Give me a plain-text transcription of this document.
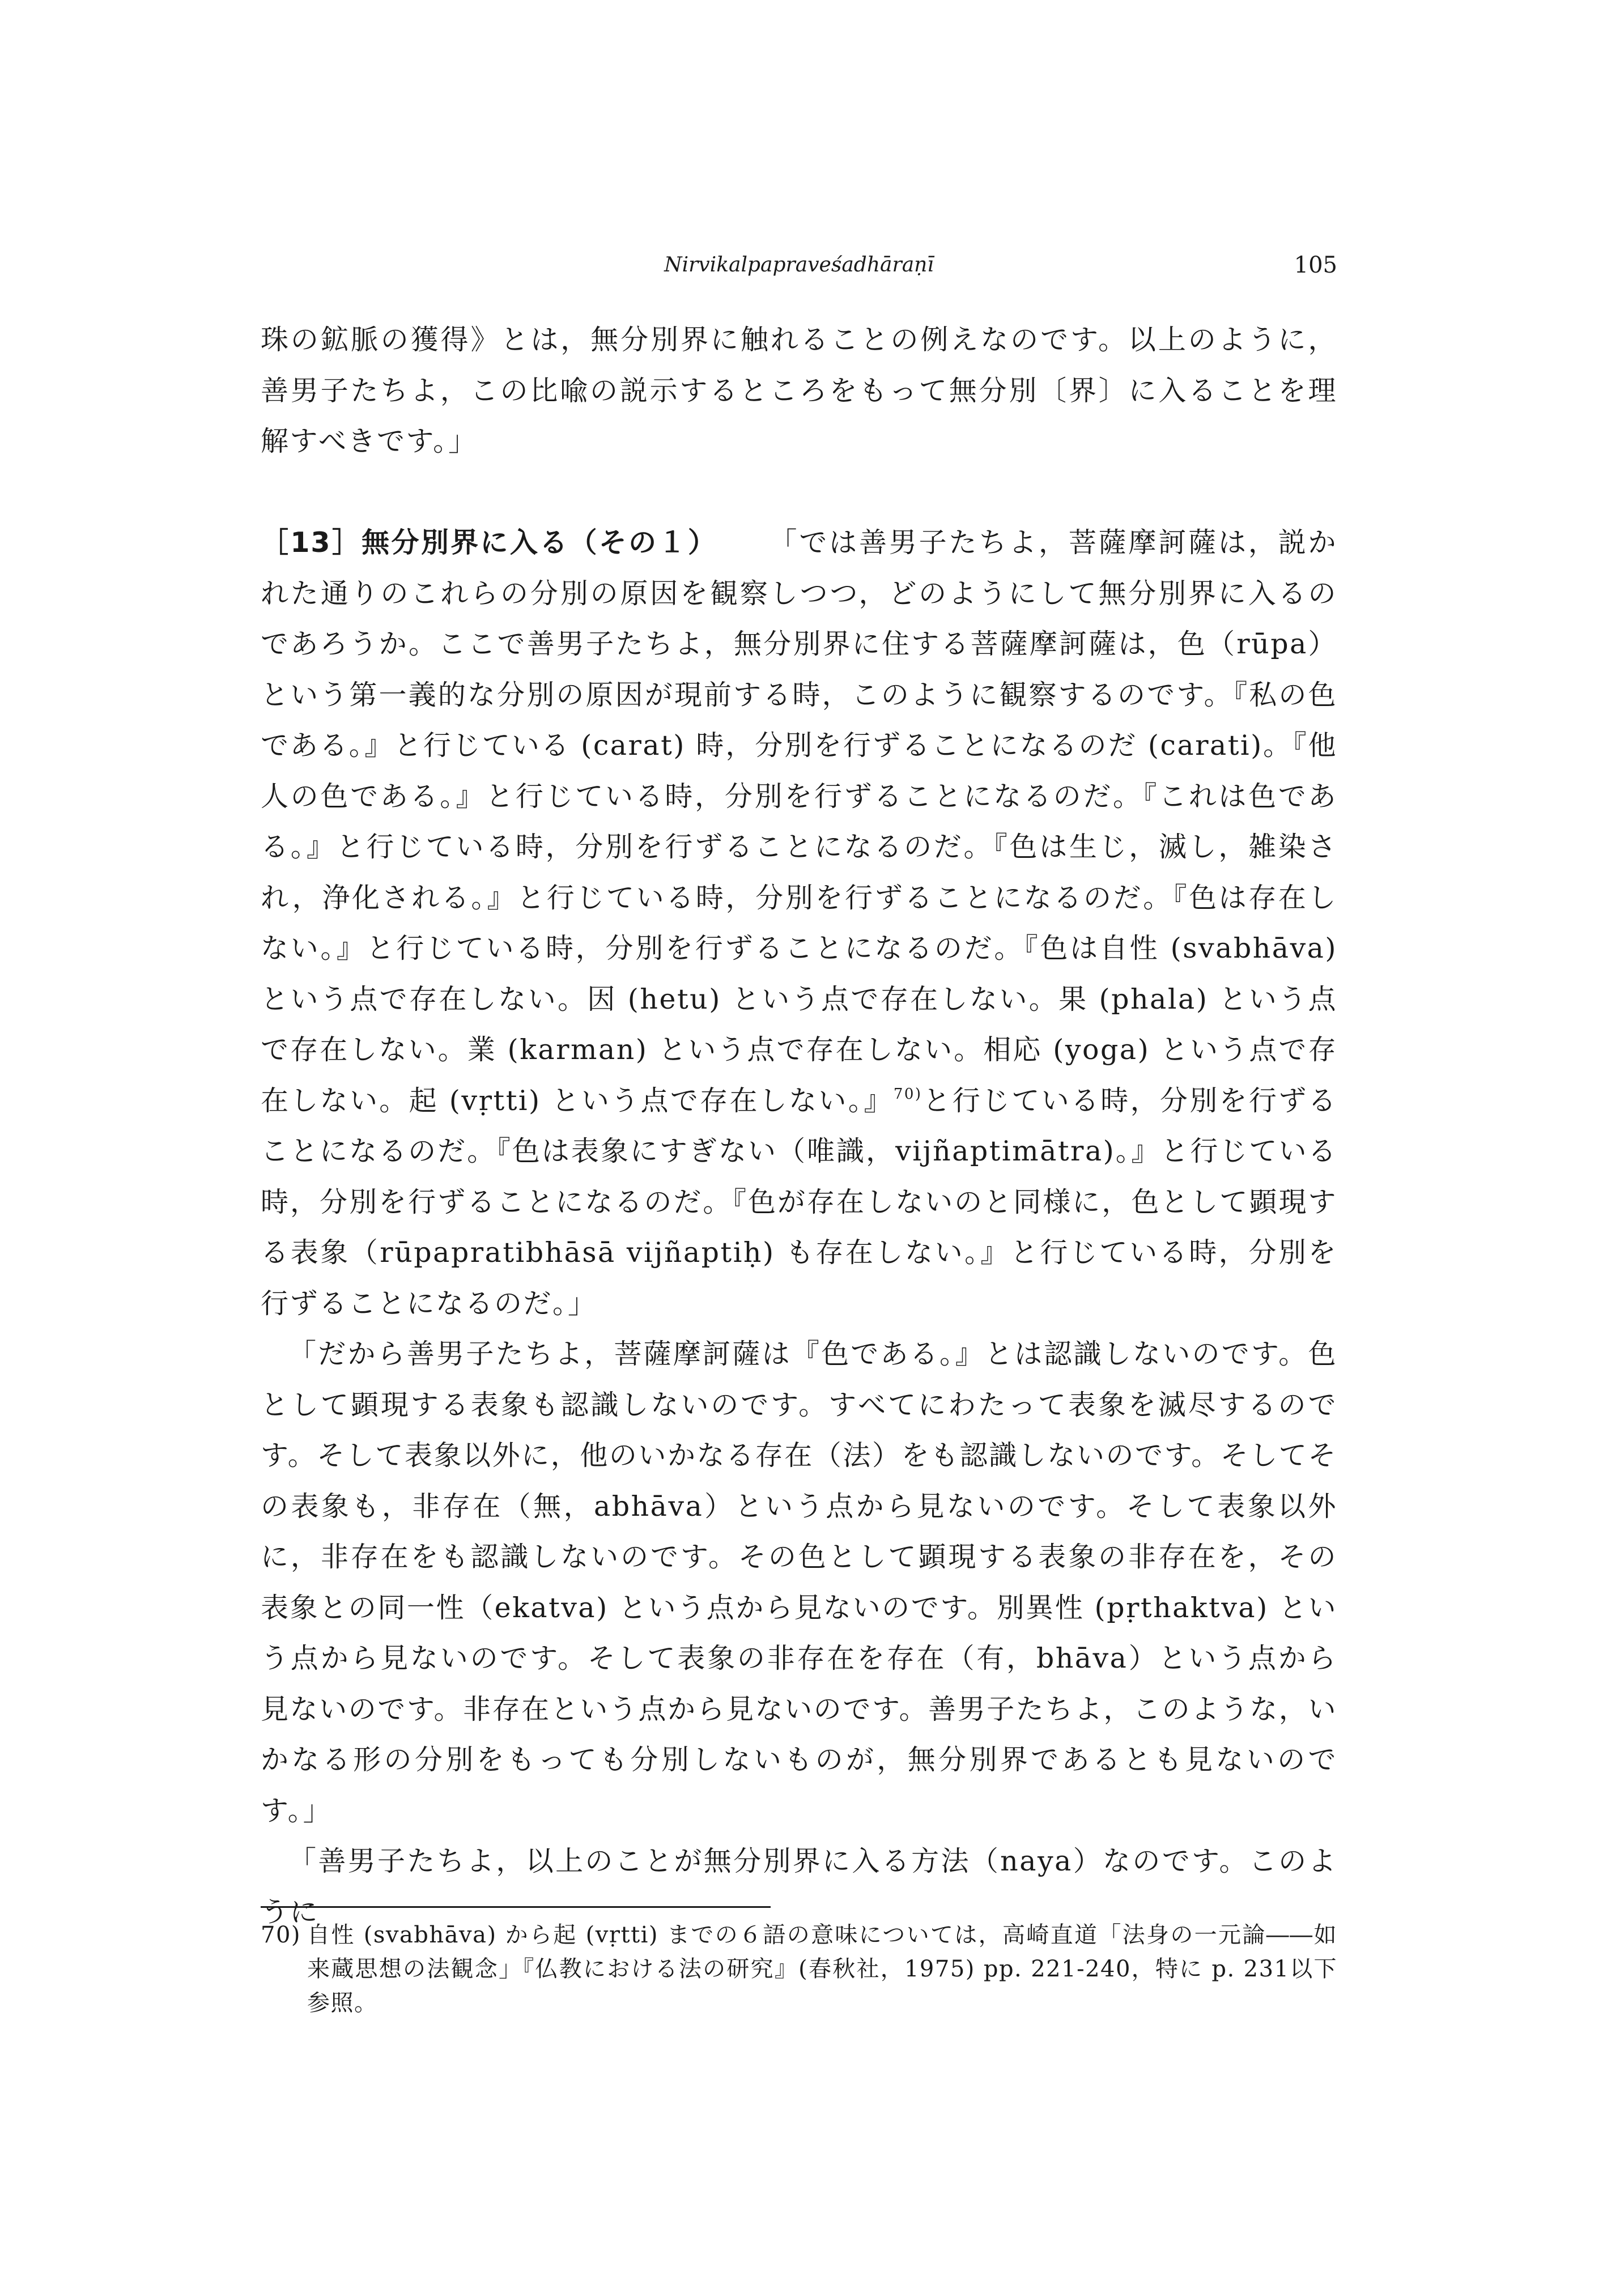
Nirvikalpapraveśadhāraṇī	105

珠の鉱脈の獲得》とは，無分別界に触れることの例えなのです。以上のように，善男子たちよ，この比喩の説示するところをもって無分別〔界〕に入ることを理解すべきです。」

［13］無分別界に入る（その１） 「では善男子たちよ，菩薩摩訶薩は，説かれた通りのこれらの分別の原因を観察しつつ，どのようにして無分別界に入るのであろうか。ここで善男子たちよ，無分別界に住する菩薩摩訶薩は，色（rūpa）という第一義的な分別の原因が現前する時，このように観察するのです。『私の色である。』と行じている (carat) 時，分別を行ずることになるのだ (carati)。『他人の色である。』と行じている時，分別を行ずることになるのだ。『これは色である。』と行じている時，分別を行ずることになるのだ。『色は生じ，滅し，雑染され，浄化される。』と行じている時，分別を行ずることになるのだ。『色は存在しない。』と行じている時，分別を行ずることになるのだ。『色は自性 (svabhāva) という点で存在しない。因 (hetu) という点で存在しない。果 (phala) という点で存在しない。業 (karman) という点で存在しない。相応 (yoga) という点で存在しない。起 (vṛtti) という点で存在しない。』$^{70)}$と行じている時，分別を行ずることになるのだ。『色は表象にすぎない（唯識，vijñaptimātra)。』と行じている時，分別を行ずることになるのだ。『色が存在しないのと同様に，色として顕現する表象（rūpapratibhāsā vijñaptiḥ) も存在しない。』と行じている時，分別を行ずることになるのだ。」

「だから善男子たちよ，菩薩摩訶薩は『色である。』とは認識しないのです。色として顕現する表象も認識しないのです。すべてにわたって表象を滅尽するのです。そして表象以外に，他のいかなる存在（法）をも認識しないのです。そしてその表象も，非存在（無，abhāva）という点から見ないのです。そして表象以外に，非存在をも認識しないのです。その色として顕現する表象の非存在を，その表象との同一性（ekatva) という点から見ないのです。別異性 (pṛthaktva) という点から見ないのです。そして表象の非存在を存在（有，bhāva）という点から見ないのです。非存在という点から見ないのです。善男子たちよ，このような，いかなる形の分別をもっても分別しないものが，無分別界であるとも見ないのです。」

「善男子たちよ，以上のことが無分別界に入る方法（naya）なのです。このように

70) 自性 (svabhāva) から起 (vṛtti) までの６語の意味については，高崎直道「法身の一元論――如来蔵思想の法観念」『仏教における法の研究』(春秋社，1975) pp. 221-240，特に p. 231以下参照。
